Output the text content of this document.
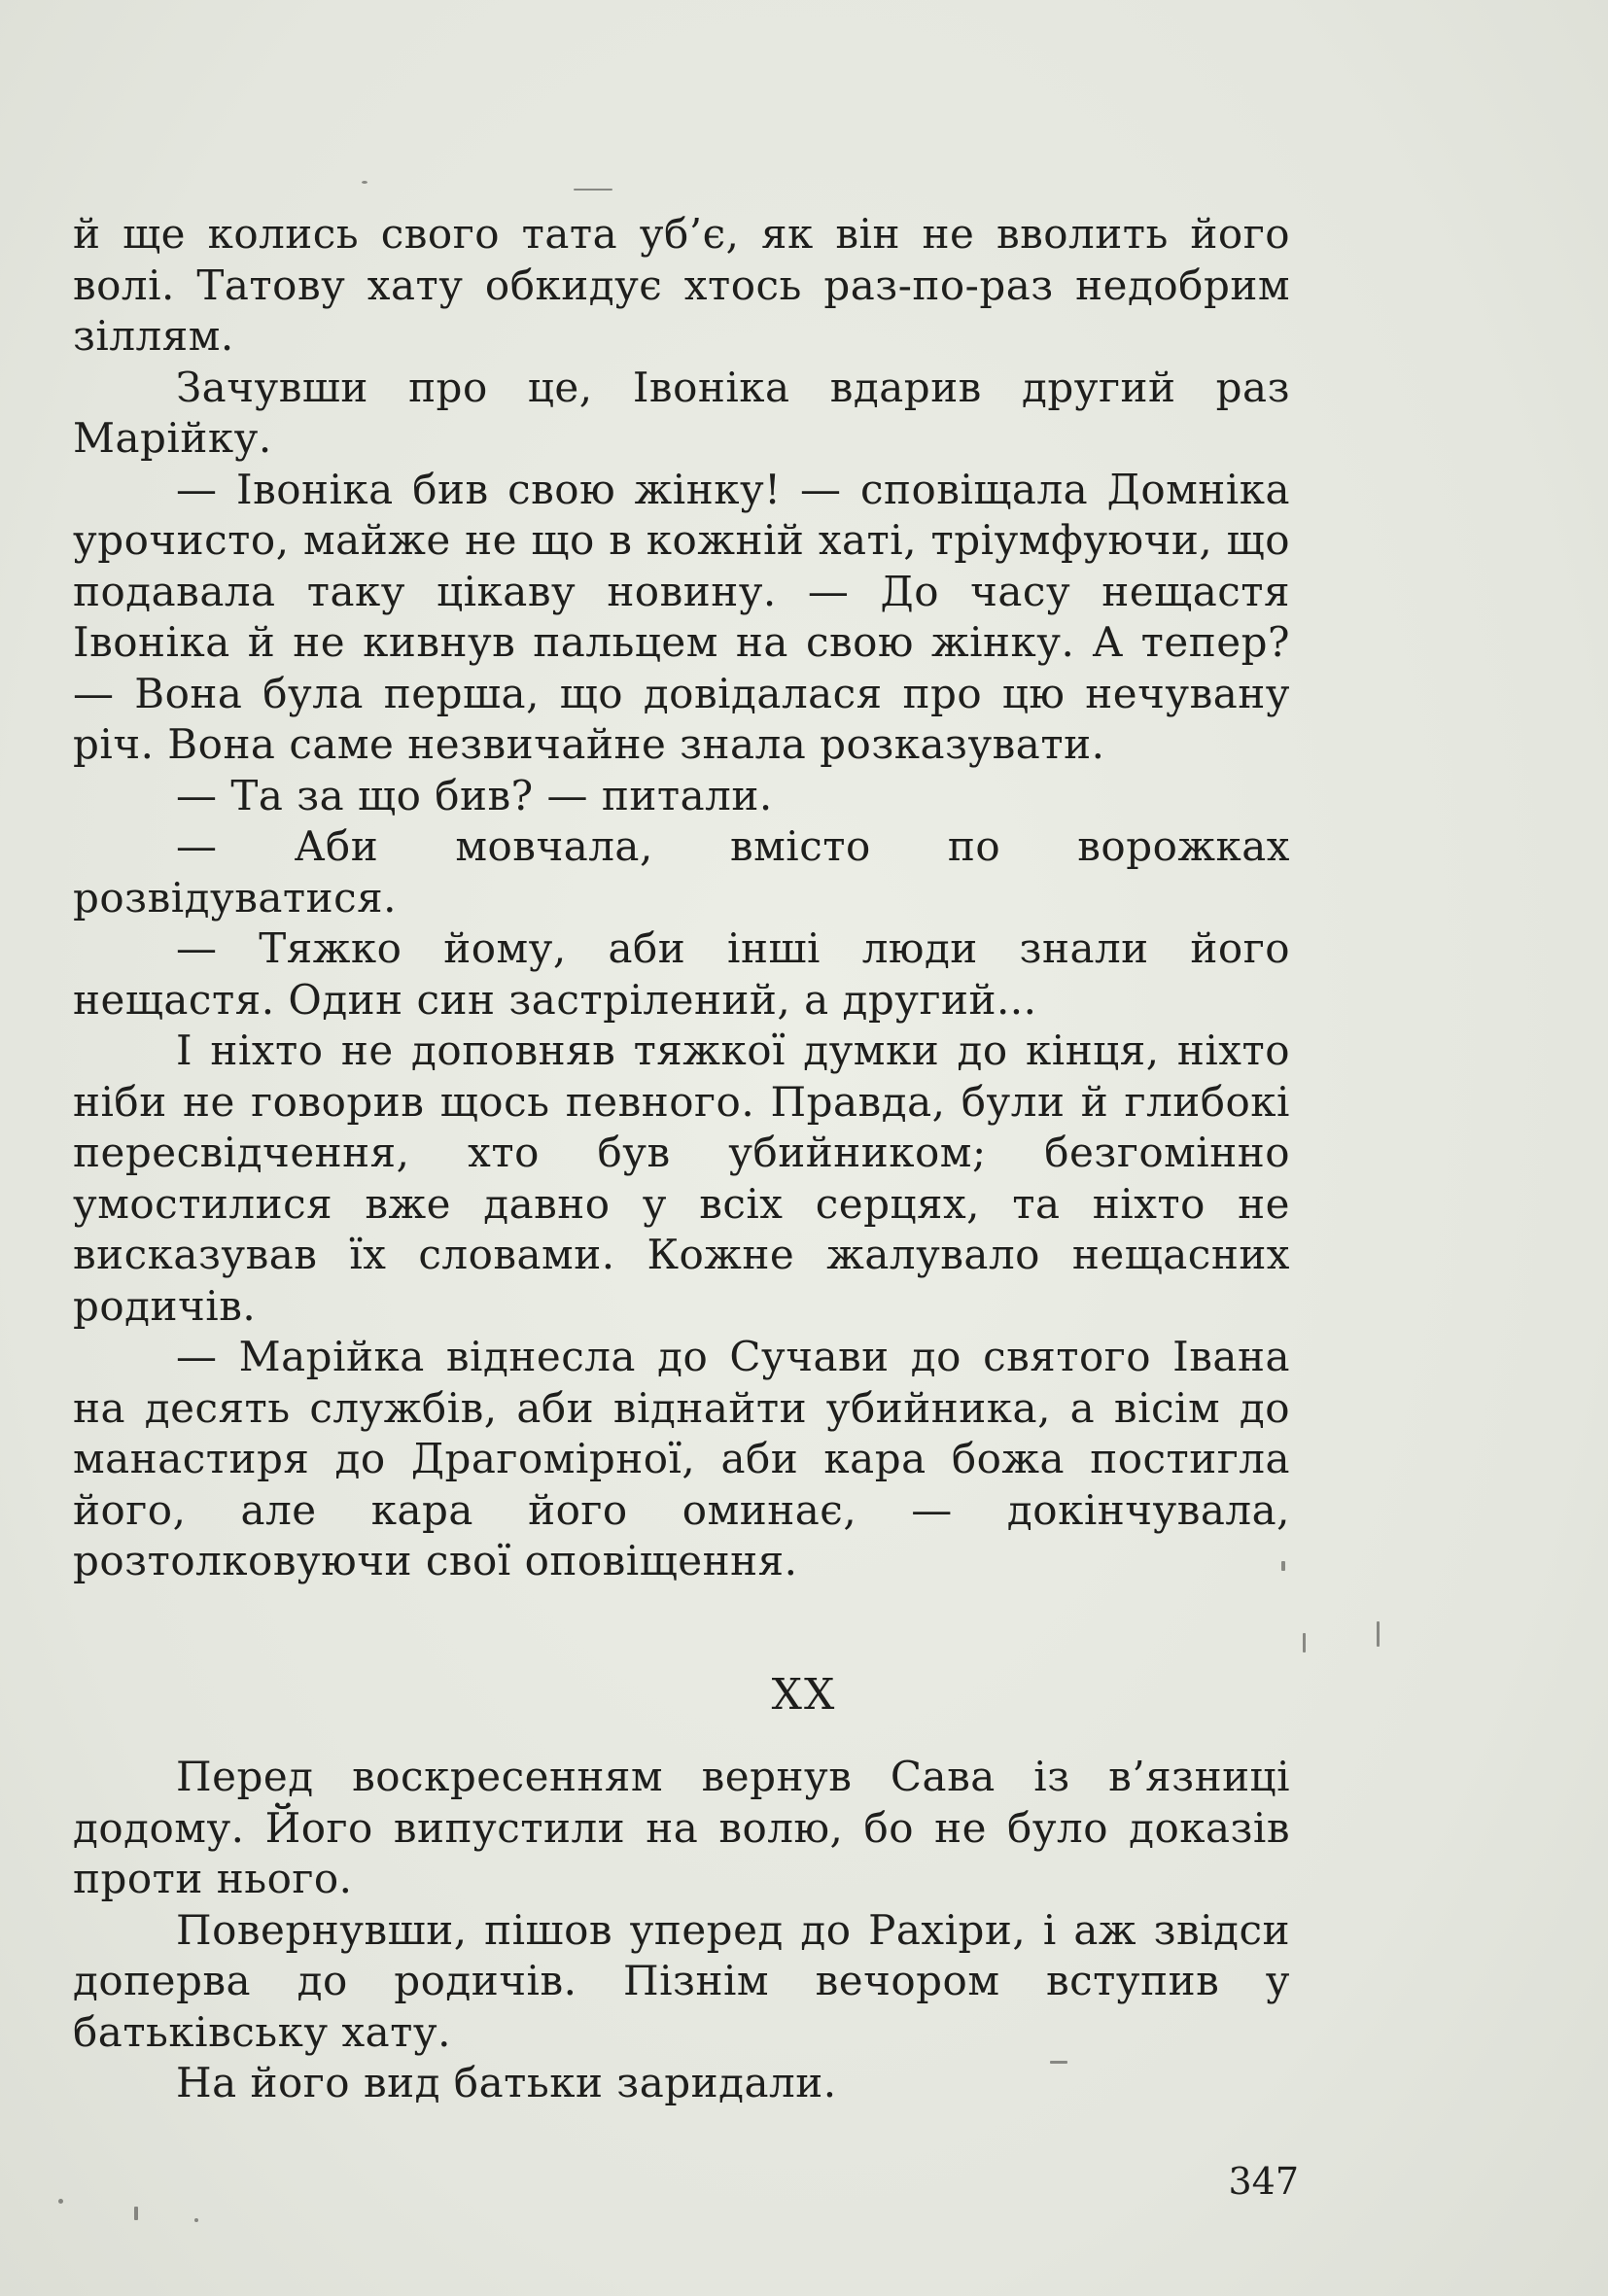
й ще колись свого тата уб’є, як він не вволить його волі. Татову хату обкидує хтось раз-по-раз недобрим зіллям.

Зачувши про це, Івоніка вдарив другий раз Марійку.

— Івоніка бив свою жінку! — сповіщала Домніка урочисто, майже не що в кожній хаті, тріумфуючи, що подавала таку цікаву новину. — До часу нещастя Івоніка й не кивнув пальцем на свою жінку. А тепер? — Вона була перша, що довідалася про цю нечувану річ. Вона саме незвичайне знала розказувати.

— Та за що бив? — питали.

— Аби мовчала, вмісто по ворожках розвідуватися.

— Тяжко йому, аби інші люди знали його нещастя. Один син застрілений, а другий...

І ніхто не доповняв тяжкої думки до кінця, ніхто ніби не говорив щось певного. Правда, були й глибокі пересвідчення, хто був убийником; безгомінно умостилися вже давно у всіх серцях, та ніхто не висказував їх словами. Кожне жалувало нещасних родичів.

— Марійка віднесла до Сучави до святого Івана на десять службів, аби віднайти убийника, а вісім до манастиря до Драгомірної, аби кара божа постигла його, але кара його оминає, — докінчувала, розтолковуючи свої оповіщення.

XX

Перед воскресенням вернув Сава із в’язниці додому. Його випустили на волю, бо не було доказів проти нього.

Повернувши, пішов уперед до Рахіри, і аж звідси доперва до родичів. Пізнім вечором вступив у батьківську хату.

На його вид батьки заридали.

347
